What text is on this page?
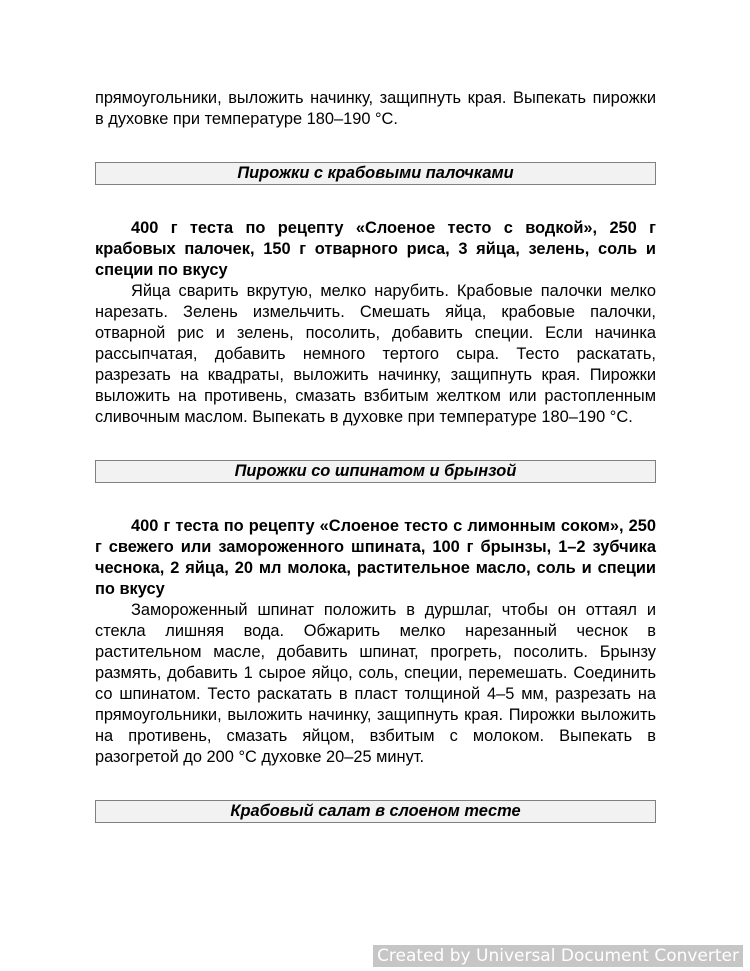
прямоугольники, выложить начинку, защипнуть края. Выпекать пирожки в духовке при температуре 180–190 °C.

Пирожки с крабовыми палочками

400 г теста по рецепту «Слоеное тесто с водкой», 250 г крабовых палочек, 150 г отварного риса, 3 яйца, зелень, соль и специи по вкусу

Яйца сварить вкрутую, мелко нарубить. Крабовые палочки мелко нарезать. Зелень измельчить. Смешать яйца, крабовые палочки, отварной рис и зелень, посолить, добавить специи. Если начинка рассыпчатая, добавить немного тертого сыра. Тесто раскатать, разрезать на квадраты, выложить начинку, защипнуть края. Пирожки выложить на противень, смазать взбитым желтком или растопленным сливочным маслом. Выпекать в духовке при температуре 180–190 °C.

Пирожки со шпинатом и брынзой

400 г теста по рецепту «Слоеное тесто с лимонным соком», 250 г свежего или замороженного шпината, 100 г брынзы, 1–2 зубчика чеснока, 2 яйца, 20 мл молока, растительное масло, соль и специи по вкусу

Замороженный шпинат положить в дуршлаг, чтобы он оттаял и стекла лишняя вода. Обжарить мелко нарезанный чеснок в растительном масле, добавить шпинат, прогреть, посолить. Брынзу размять, добавить 1 сырое яйцо, соль, специи, перемешать. Соединить со шпинатом. Тесто раскатать в пласт толщиной 4–5 мм, разрезать на прямоугольники, выложить начинку, защипнуть края. Пирожки выложить на противень, смазать яйцом, взбитым с молоком. Выпекать в разогретой до 200 °C духовке 20–25 минут.

Крабовый салат в слоеном тесте
Created by Universal Document Converter
